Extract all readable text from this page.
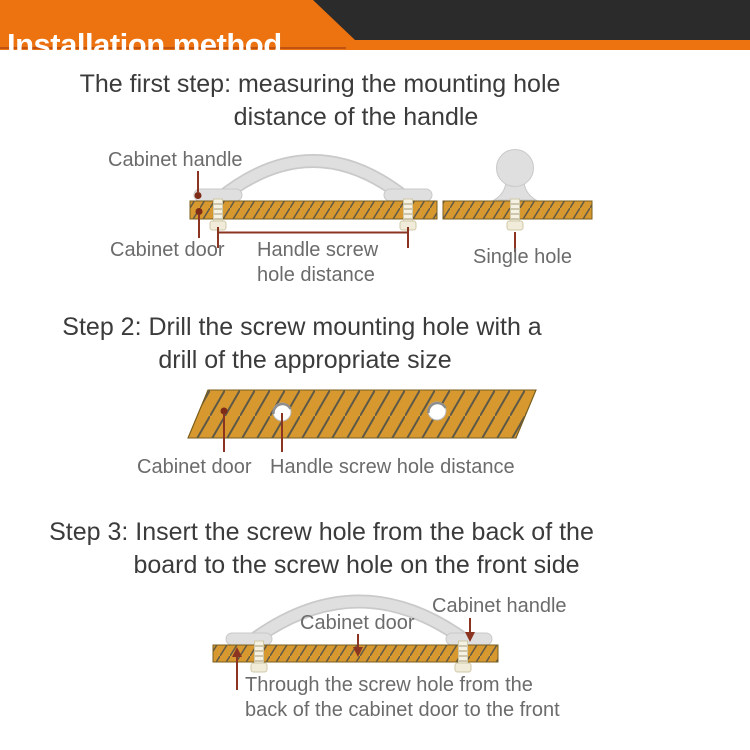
Installation method
The first step: measuring the mounting hole
distance of the handle
Step 2: Drill the screw mounting hole with a
drill of the appropriate size
Step 3: Insert the screw hole from the back of the
board to the screw hole on the front side
Cabinet handle
Cabinet door Handle screw
hole distance
Single hole
Cabinet door Handle screw hole distance
Cabinet door
Cabinet handle
Through the screw hole from the
back of the cabinet door to the front
